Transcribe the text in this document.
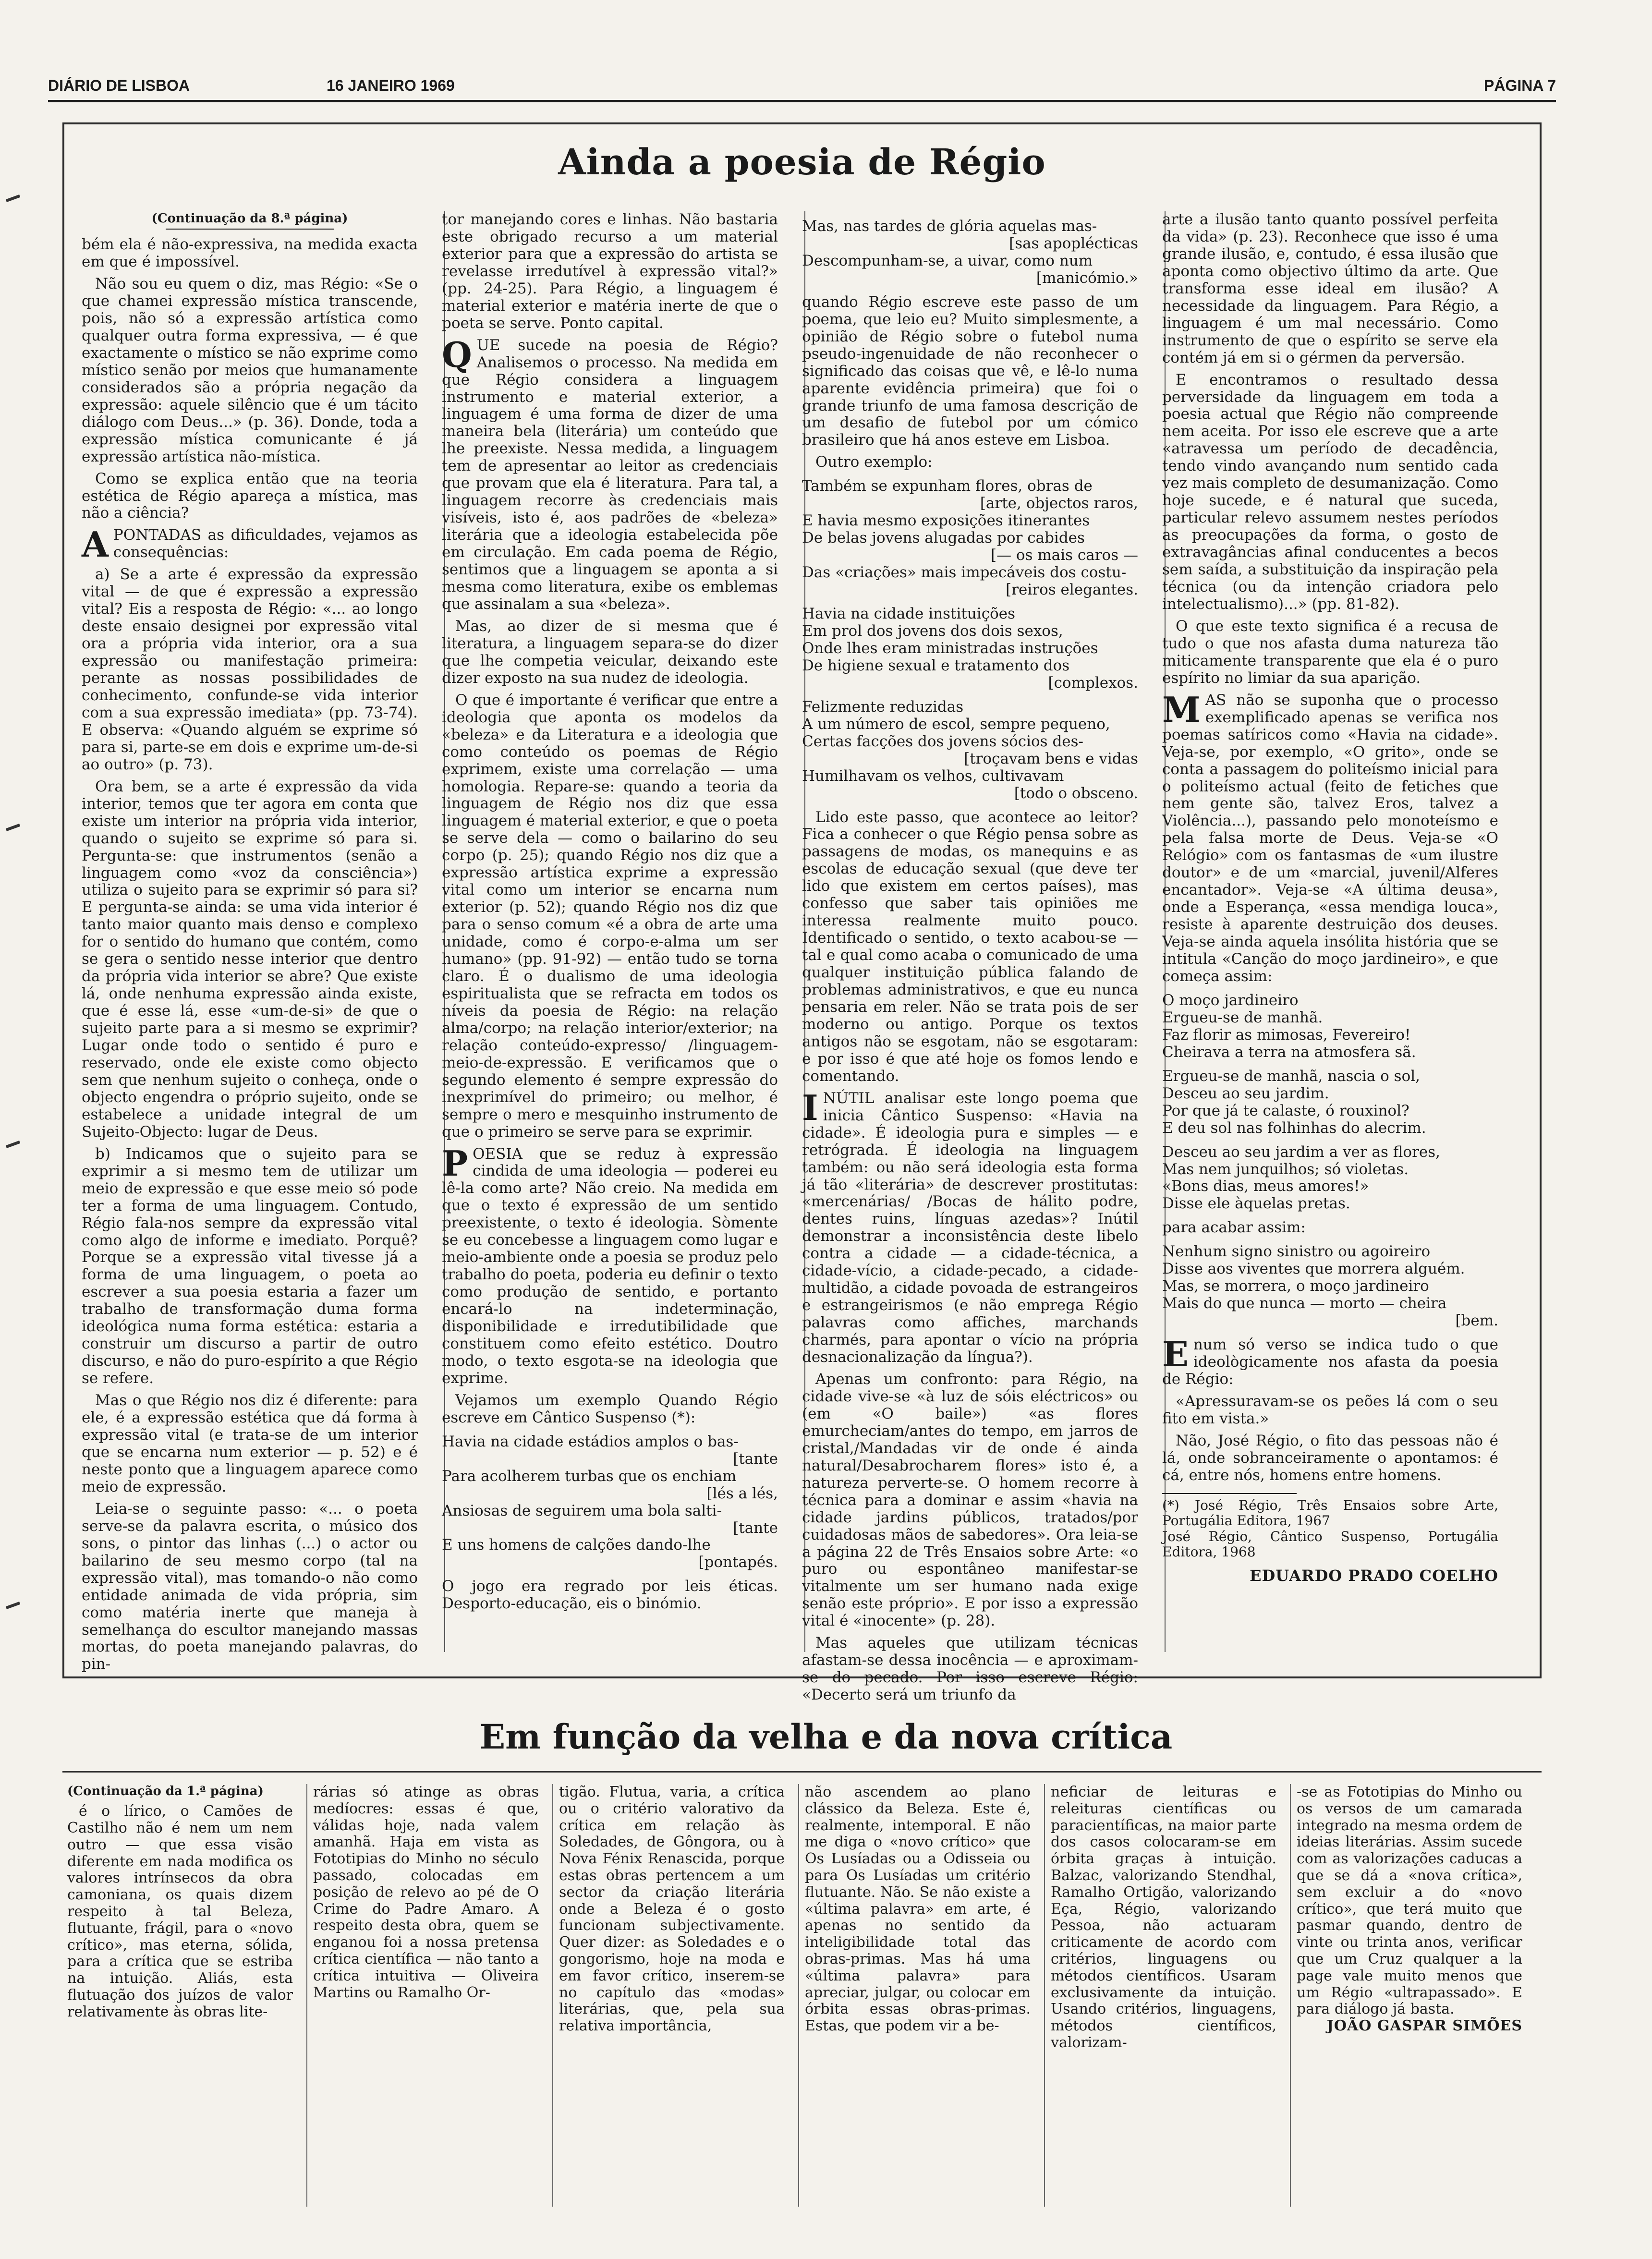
DIÁRIO DE LISBOA	16 JANEIRO 1969	PÁGINA 7
Ainda a poesia de Régio

(Continuação da 8.ª página)

bém ela é não-expressiva, na medida exacta em que é impossível.

Não sou eu quem o diz, mas Régio: «Se o que chamei expressão mística transcende, pois, não só a expressão artística como qualquer outra forma expressiva, — é que exactamente o místico se não exprime como místico senão por meios que humanamente considerados são a própria negação da expressão: aquele silêncio que é um tácito diálogo com Deus...» (p. 36). Donde, toda a expressão mística comunicante é já expressão artística não-mística.

Como se explica então que na teoria estética de Régio apareça a mística, mas não a ciência?

APONTADAS as dificuldades, vejamos as consequências:

a) Se a arte é expressão da expressão vital — de que é expressão a expressão vital? Eis a resposta de Régio: «... ao longo deste ensaio designei por expressão vital ora a própria vida interior, ora a sua expressão ou manifestação primeira: perante as nossas possibilidades de conhecimento, confunde-se vida interior com a sua expressão imediata» (pp. 73-74). E observa: «Quando alguém se exprime só para si, parte-se em dois e exprime um-de-si ao outro» (p. 73).

Ora bem, se a arte é expressão da vida interior, temos que ter agora em conta que existe um interior na própria vida interior, quando o sujeito se exprime só para si. Pergunta-se: que instrumentos (senão a linguagem como «voz da consciência») utiliza o sujeito para se exprimir só para si? E pergunta-se ainda: se uma vida interior é tanto maior quanto mais denso e complexo for o sentido do humano que contém, como se gera o sentido nesse interior que dentro da própria vida interior se abre? Que existe lá, onde nenhuma expressão ainda existe, que é esse lá, esse «um-de-si» de que o sujeito parte para a si mesmo se exprimir? Lugar onde todo o sentido é puro e reservado, onde ele existe como objecto sem que nenhum sujeito o conheça, onde o objecto engendra o próprio sujeito, onde se estabelece a unidade integral de um Sujeito-Objecto: lugar de Deus.

b) Indicamos que o sujeito para se exprimir a si mesmo tem de utilizar um meio de expressão e que esse meio só pode ter a forma de uma linguagem. Contudo, Régio fala-nos sempre da expressão vital como algo de informe e imediato. Porquê? Porque se a expressão vital tivesse já a forma de uma linguagem, o poeta ao escrever a sua poesia estaria a fazer um trabalho de transformação duma forma ideológica numa forma estética: estaria a construir um discurso a partir de outro discurso, e não do puro-espírito a que Régio se refere.

Mas o que Régio nos diz é diferente: para ele, é a expressão estética que dá forma à expressão vital (e trata-se de um interior que se encarna num exterior — p. 52) e é neste ponto que a linguagem aparece como meio de expressão.

Leia-se o seguinte passo: «... o poeta serve-se da palavra escrita, o músico dos sons, o pintor das linhas (...) o actor ou bailarino de seu mesmo corpo (tal na expressão vital), mas tomando-o não como entidade animada de vida própria, sim como matéria inerte que maneja à semelhança do escultor manejando massas mortas, do poeta manejando palavras, do pin-

tor manejando cores e linhas. Não bastaria este obrigado recurso a um material exterior para que a expressão do artista se revelasse irredutível à expressão vital?» (pp. 24-25). Para Régio, a linguagem é material exterior e matéria inerte de que o poeta se serve. Ponto capital.

QUE sucede na poesia de Régio? Analisemos o processo. Na medida em que Régio considera a linguagem instrumento e material exterior, a linguagem é uma forma de dizer de uma maneira bela (literária) um conteúdo que lhe preexiste. Nessa medida, a linguagem tem de apresentar ao leitor as credenciais que provam que ela é literatura. Para tal, a linguagem recorre às credenciais mais visíveis, isto é, aos padrões de «beleza» literária que a ideologia estabelecida põe em circulação. Em cada poema de Régio, sentimos que a linguagem se aponta a si mesma como literatura, exibe os emblemas que assinalam a sua «beleza».

Mas, ao dizer de si mesma que é literatura, a linguagem separa-se do dizer que lhe competia veicular, deixando este dizer exposto na sua nudez de ideologia.

O que é importante é verificar que entre a ideologia que aponta os modelos da «beleza» e da Literatura e a ideologia que como conteúdo os poemas de Régio exprimem, existe uma correlação — uma homologia. Repare-se: quando a teoria da linguagem de Régio nos diz que essa linguagem é material exterior, e que o poeta se serve dela — como o bailarino do seu corpo (p. 25); quando Régio nos diz que a expressão artística exprime a expressão vital como um interior se encarna num exterior (p. 52); quando Régio nos diz que para o senso comum «é a obra de arte uma unidade, como é corpo-e-alma um ser humano» (pp. 91-92) — então tudo se torna claro. É o dualismo de uma ideologia espiritualista que se refracta em todos os níveis da poesia de Régio: na relação alma/corpo; na relação interior/exterior; na relação conteúdo-expresso/ /linguagem-meio-de-expressão. E verificamos que o segundo elemento é sempre expressão do inexprimível do primeiro; ou melhor, é sempre o mero e mesquinho instrumento de que o primeiro se serve para se exprimir.

POESIA que se reduz à expressão cindida de uma ideologia — poderei eu lê-la como arte? Não creio. Na medida em que o texto é expressão de um sentido preexistente, o texto é ideologia. Sòmente se eu concebesse a linguagem como lugar e meio-ambiente onde a poesia se produz pelo trabalho do poeta, poderia eu definir o texto como produção de sentido, e portanto encará-lo na indeterminação, disponibilidade e irredutibilidade que constituem como efeito estético. Doutro modo, o texto esgota-se na ideologia que exprime.

Vejamos um exemplo Quando Régio escreve em Cântico Suspenso (*):

Havia na cidade estádios amplos o bas-
[tante
Para acolherem turbas que os enchiam
[lés a lés,
Ansiosas de seguirem uma bola salti-
[tante
E uns homens de calções dando-lhe
[pontapés.

O jogo era regrado por leis éticas. Desporto-educação, eis o binómio.

Mas, nas tardes de glória aquelas mas-
[sas apoplécticas
Descompunham-se, a uivar, como num
[manicómio.»

quando Régio escreve este passo de um poema, que leio eu? Muito simplesmente, a opinião de Régio sobre o futebol numa pseudo-ingenuidade de não reconhecer o significado das coisas que vê, e lê-lo numa aparente evidência primeira) que foi o grande triunfo de uma famosa descrição de um desafio de futebol por um cómico brasileiro que há anos esteve em Lisboa.

Outro exemplo:

Também se expunham flores, obras de
[arte, objectos raros,
E havia mesmo exposições itinerantes
De belas jovens alugadas por cabides
[— os mais caros —
Das «criações» mais impecáveis dos costu-
[reiros elegantes.
Havia na cidade instituições
Em prol dos jovens dos dois sexos,
Onde lhes eram ministradas instruções
De higiene sexual e tratamento dos
[complexos.
Felizmente reduzidas
A um número de escol, sempre pequeno,
Certas facções dos jovens sócios des-
[troçavam bens e vidas
Humilhavam os velhos, cultivavam
[todo o obsceno.

Lido este passo, que acontece ao leitor? Fica a conhecer o que Régio pensa sobre as passagens de modas, os manequins e as escolas de educação sexual (que deve ter lido que existem em certos países), mas confesso que saber tais opiniões me interessa realmente muito pouco. Identificado o sentido, o texto acabou-se — tal e qual como acaba o comunicado de uma qualquer instituição pública falando de problemas administrativos, e que eu nunca pensaria em reler. Não se trata pois de ser moderno ou antigo. Porque os textos antigos não se esgotam, não se esgotaram: e por isso é que até hoje os fomos lendo e comentando.

INÚTIL analisar este longo poema que inicia Cântico Suspenso: «Havia na cidade». É ideologia pura e simples — e retrógrada. É ideologia na linguagem também: ou não será ideologia esta forma já tão «literária» de descrever prostitutas: «mercenárias/ /Bocas de hálito podre, dentes ruins, línguas azedas»? Inútil demonstrar a inconsistência deste libelo contra a cidade — a cidade-técnica, a cidade-vício, a cidade-pecado, a cidade-multidão, a cidade povoada de estrangeiros e estrangeirismos (e não emprega Régio palavras como affiches, marchands charmés, para apontar o vício na própria desnacionalização da língua?).

Apenas um confronto: para Régio, na cidade vive-se «à luz de sóis eléctricos» ou (em «O baile») «as flores emurcheciam/antes do tempo, em jarros de cristal,/Mandadas vir de onde é ainda natural/Desabrocharem flores» isto é, a natureza perverte-se. O homem recorre à técnica para a dominar e assim «havia na cidade jardins públicos, tratados/por cuidadosas mãos de sabedores». Ora leia-se a página 22 de Três Ensaios sobre Arte: «o puro ou espontâneo manifestar-se vitalmente um ser humano nada exige senão este próprio». E por isso a expressão vital é «inocente» (p. 28).

Mas aqueles que utilizam técnicas afastam-se dessa inocência — e aproximam-se do pecado. Por isso escreve Régio: «Decerto será um triunfo da

arte a ilusão tanto quanto possível perfeita da vida» (p. 23). Reconhece que isso é uma grande ilusão, e, contudo, é essa ilusão que aponta como objectivo último da arte. Que transforma esse ideal em ilusão? A necessidade da linguagem. Para Régio, a linguagem é um mal necessário. Como instrumento de que o espírito se serve ela contém já em si o gérmen da perversão.

E encontramos o resultado dessa perversidade da linguagem em toda a poesia actual que Régio não compreende nem aceita. Por isso ele escreve que a arte «atravessa um período de decadência, tendo vindo avançando num sentido cada vez mais completo de desumanização. Como hoje sucede, e é natural que suceda, particular relevo assumem nestes períodos as preocupações da forma, o gosto de extravagâncias afinal conducentes a becos sem saída, a substituição da inspiração pela técnica (ou da intenção criadora pelo intelectualismo)...» (pp. 81-82).

O que este texto significa é a recusa de tudo o que nos afasta duma natureza tão miticamente transparente que ela é o puro espírito no limiar da sua aparição.

MAS não se suponha que o processo exemplificado apenas se verifica nos poemas satíricos como «Havia na cidade». Veja-se, por exemplo, «O grito», onde se conta a passagem do politeísmo inicial para o politeísmo actual (feito de fetiches que nem gente são, talvez Eros, talvez a Violência...), passando pelo monoteísmo e pela falsa morte de Deus. Veja-se «O Relógio» com os fantasmas de «um ilustre doutor» e de um «marcial, juvenil/Alferes encantador». Veja-se «A última deusa», onde a Esperança, «essa mendiga louca», resiste à aparente destruição dos deuses. Veja-se ainda aquela insólita história que se intitula «Canção do moço jardineiro», e que começa assim:

O moço jardineiro
Ergueu-se de manhã.
Faz florir as mimosas, Fevereiro!
Cheirava a terra na atmosfera sã.
Ergueu-se de manhã, nascia o sol,
Desceu ao seu jardim.
Por que já te calaste, ó rouxinol?
E deu sol nas folhinhas do alecrim.
Desceu ao seu jardim a ver as flores,
Mas nem junquilhos; só violetas.
«Bons dias, meus amores!»
Disse ele àquelas pretas.

para acabar assim:

Nenhum signo sinistro ou agoireiro
Disse aos viventes que morrera alguém.
Mas, se morrera, o moço jardineiro
Mais do que nunca — morto — cheira
[bem.

Enum só verso se indica tudo o que ideològicamente nos afasta da poesia de Régio:

«Apressuravam-se os peões lá com o seu fito em vista.»

Não, José Régio, o fito das pessoas não é lá, onde sobranceiramente o apontamos: é cá, entre nós, homens entre homens.

(*) José Régio, Três Ensaios sobre Arte, Portugália Editora, 1967
José Régio, Cântico Suspenso, Portugália Editora, 1968
EDUARDO PRADO COELHO
Em função da velha e da nova crítica

(Continuação da 1.ª página)

é o lírico, o Camões de Castilho não é nem um nem outro — que essa visão diferente em nada modifica os valores intrínsecos da obra camoniana, os quais dizem respeito à tal Beleza, flutuante, frágil, para o «novo crítico», mas eterna, sólida, para a crítica que se estriba na intuição. Aliás, esta flutuação dos juízos de valor relativamente às obras lite-

rárias só atinge as obras medíocres: essas é que, válidas hoje, nada valem amanhã. Haja em vista as Fototipias do Minho no século passado, colocadas em posição de relevo ao pé de O Crime do Padre Amaro. A respeito desta obra, quem se enganou foi a nossa pretensa crítica científica — não tanto a crítica intuitiva — Oliveira Martins ou Ramalho Or-

tigão. Flutua, varia, a crítica ou o critério valorativo da crítica em relação às Soledades, de Gôngora, ou à Nova Fénix Renascida, porque estas obras pertencem a um sector da criação literária onde a Beleza é o gosto funcionam subjectivamente. Quer dizer: as Soledades e o gongorismo, hoje na moda e em favor crítico, inserem-se no capítulo das «modas» literárias, que, pela sua relativa importância,

não ascendem ao plano clássico da Beleza. Este é, realmente, intemporal. E não me diga o «novo crítico» que Os Lusíadas ou a Odisseia ou para Os Lusíadas um critério flutuante. Não. Se não existe a «última palavra» em arte, é apenas no sentido da inteligibilidade total das obras-primas. Mas há uma «última palavra» para apreciar, julgar, ou colocar em órbita essas obras-primas. Estas, que podem vir a be-

neficiar de leituras e releituras científicas ou paracientíficas, na maior parte dos casos colocaram-se em órbita graças à intuição. Balzac, valorizando Stendhal, Ramalho Ortigão, valorizando Eça, Régio, valorizando Pessoa, não actuaram criticamente de acordo com critérios, linguagens ou métodos científicos. Usaram exclusivamente da intuição. Usando critérios, linguagens, métodos científicos, valorizam-

-se as Fototipias do Minho ou os versos de um camarada integrado na mesma ordem de ideias literárias. Assim sucede com as valorizações caducas a que se dá a «nova crítica», sem excluir a do «novo crítico», que terá muito que pasmar quando, dentro de vinte ou trinta anos, verificar que um Cruz qualquer a la page vale muito menos que um Régio «ultrapassado». E para diálogo já basta.

JOÃO GASPAR SIMÕES
